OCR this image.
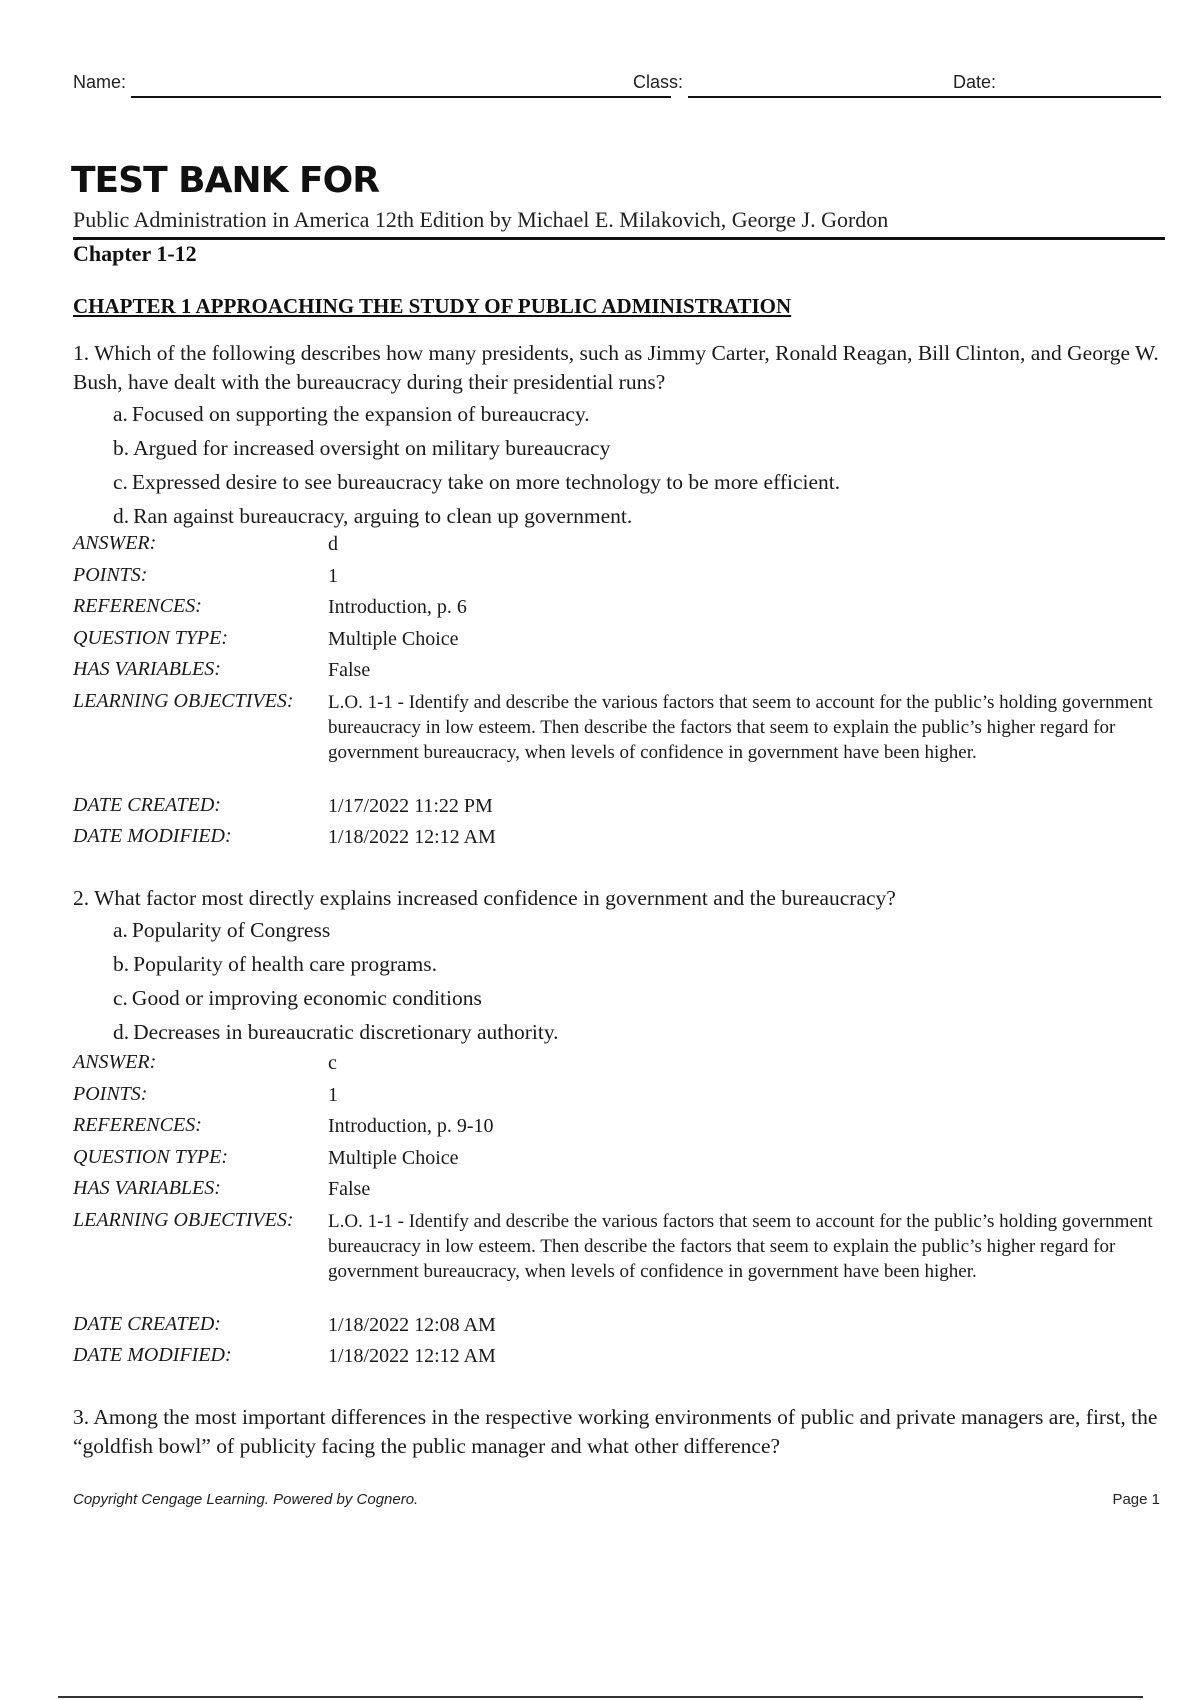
Name:	Class:	Date:
TEST BANK FOR
Public Administration in America 12th Edition by Michael E. Milakovich, George J. Gordon
Chapter 1-12
CHAPTER 1 APPROACHING THE STUDY OF PUBLIC ADMINISTRATION

1. Which of the following describes how many presidents, such as Jimmy Carter, Ronald Reagan, Bill Clinton, and George W. Bush, have dealt with the bureaucracy during their presidential runs?

a. Focused on supporting the expansion of bureaucracy.

b. Argued for increased oversight on military bureaucracy

c. Expressed desire to see bureaucracy take on more technology to be more efficient.

d. Ran against bureaucracy, arguing to clean up government.

ANSWER:	d
POINTS:	1
REFERENCES:	Introduction, p. 6
QUESTION TYPE:	Multiple Choice
HAS VARIABLES:	False
LEARNING OBJECTIVES: L.O. 1-1 - Identify and describe the various factors that seem to account for the public’s holding government bureaucracy in low esteem. Then describe the factors that seem to explain the public’s higher regard for government bureaucracy, when levels of confidence in government have been higher.
DATE CREATED:	1/17/2022 11:22 PM
DATE MODIFIED:	1/18/2022 12:12 AM

2. What factor most directly explains increased confidence in government and the bureaucracy?

a. Popularity of Congress

b. Popularity of health care programs.

c. Good or improving economic conditions

d. Decreases in bureaucratic discretionary authority.

ANSWER:	c
POINTS:	1
REFERENCES:	Introduction, p. 9-10
QUESTION TYPE:	Multiple Choice
HAS VARIABLES:	False
LEARNING OBJECTIVES: L.O. 1-1 - Identify and describe the various factors that seem to account for the public’s holding government bureaucracy in low esteem. Then describe the factors that seem to explain the public’s higher regard for government bureaucracy, when levels of confidence in government have been higher.
DATE CREATED:	1/18/2022 12:08 AM
DATE MODIFIED:	1/18/2022 12:12 AM

3. Among the most important differences in the respective working environments of public and private managers are, first, the “goldfish bowl” of publicity facing the public manager and what other difference?

Copyright Cengage Learning. Powered by Cognero.	Page 1
